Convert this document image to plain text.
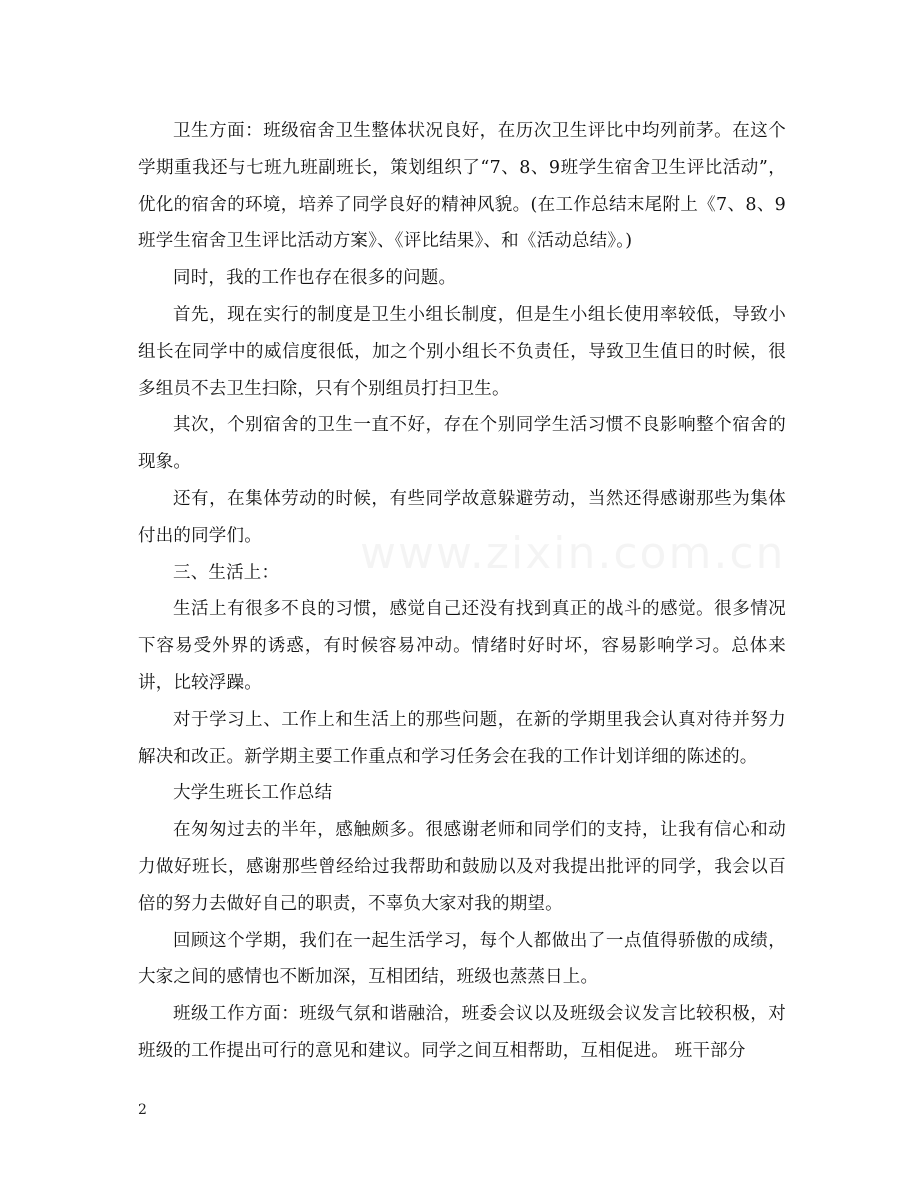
卫生方面：班级宿舍卫生整体状况良好，在历次卫生评比中均列前茅。在这个学期重我还与七班九班副班长，策划组织了“7、8、9班学生宿舍卫生评比活动”，优化的宿舍的环境，培养了同学良好的精神风貌。(在工作总结末尾附上《7、8、9班学生宿舍卫生评比活动方案》、《评比结果》、和《活动总结》。)

同时，我的工作也存在很多的问题。

首先，现在实行的制度是卫生小组长制度，但是生小组长使用率较低，导致小组长在同学中的威信度很低，加之个别小组长不负责任，导致卫生值日的时候，很多组员不去卫生扫除，只有个别组员打扫卫生。

其次，个别宿舍的卫生一直不好，存在个别同学生活习惯不良影响整个宿舍的现象。

还有，在集体劳动的时候，有些同学故意躲避劳动，当然还得感谢那些为集体付出的同学们。

三、生活上：

生活上有很多不良的习惯，感觉自己还没有找到真正的战斗的感觉。很多情况下容易受外界的诱惑，有时候容易冲动。情绪时好时坏，容易影响学习。总体来讲，比较浮躁。

对于学习上、工作上和生活上的那些问题，在新的学期里我会认真对待并努力解决和改正。新学期主要工作重点和学习任务会在我的工作计划详细的陈述的。

大学生班长工作总结

在匆匆过去的半年，感触颇多。很感谢老师和同学们的支持，让我有信心和动力做好班长，感谢那些曾经给过我帮助和鼓励以及对我提出批评的同学，我会以百倍的努力去做好自己的职责，不辜负大家对我的期望。

回顾这个学期，我们在一起生活学习，每个人都做出了一点值得骄傲的成绩，大家之间的感情也不断加深，互相团结，班级也蒸蒸日上。

班级工作方面：班级气氛和谐融洽，班委会议以及班级会议发言比较积极，对班级的工作提出可行的意见和建议。同学之间互相帮助，互相促进。 班干部分

2
